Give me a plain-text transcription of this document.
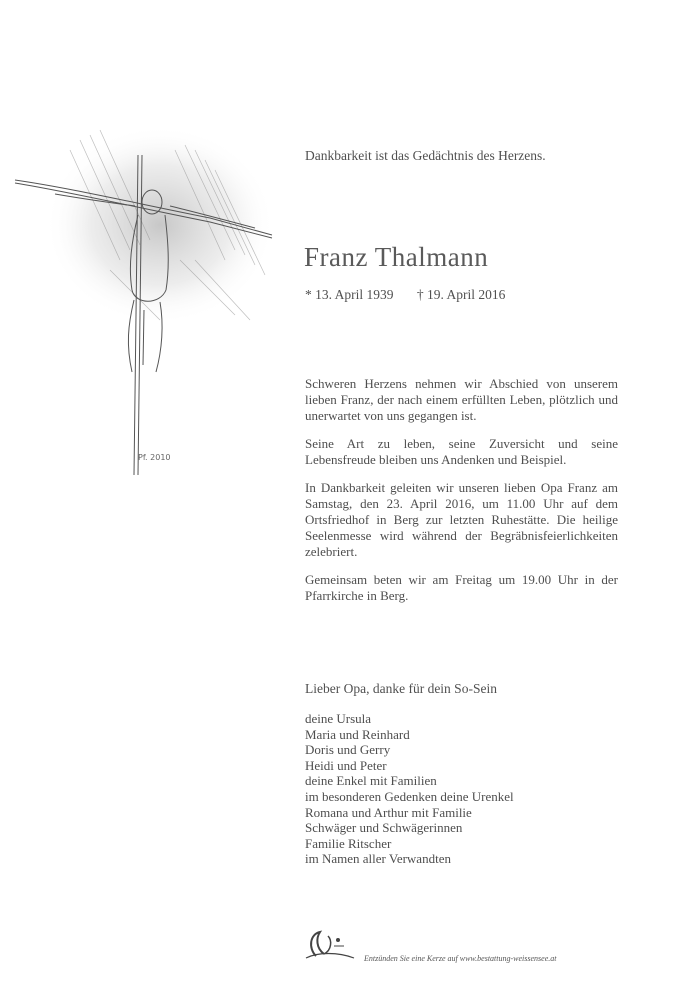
Pf. 2010
Dankbarkeit ist das Gedächtnis des Herzens.
Franz Thalmann
* 13. April 1939 † 19. April 2016

Schweren Herzens nehmen wir Abschied von unserem lieben Franz, der nach einem erfüllten Leben, plötzlich und unerwartet von uns gegangen ist.

Seine Art zu leben, seine Zuversicht und seine Lebensfreude bleiben uns Andenken und Beispiel.

In Dankbarkeit geleiten wir unseren lieben Opa Franz am Samstag, den 23. April 2016, um 11.00 Uhr auf dem Ortsfriedhof in Berg zur letzten Ruhestätte. Die heilige Seelenmesse wird während der Begräbnisfeierlichkeiten zelebriert.

Gemeinsam beten wir am Freitag um 19.00 Uhr in der Pfarrkirche in Berg.

Lieber Opa, danke für dein So-Sein
deine Ursula
Maria und Reinhard
Doris und Gerry
Heidi und Peter
deine Enkel mit Familien
im besonderen Gedenken deine Urenkel
Romana und Arthur mit Familie
Schwäger und Schwägerinnen
Familie Ritscher
im Namen aller Verwandten
Entzünden Sie eine Kerze auf www.bestattung-weissensee.at
